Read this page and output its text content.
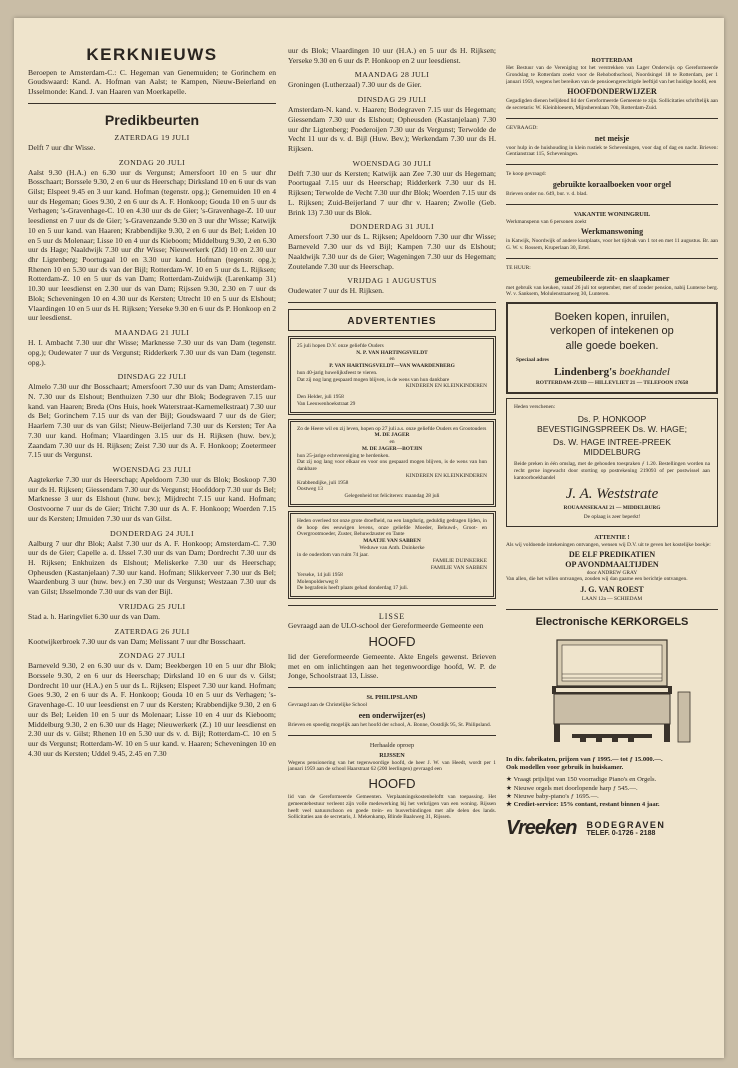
KERKNIEUWS

Beroepen te Amsterdam-C.: C. Hegeman van Genemuiden; te Gorinchem en Goudswaard: Kand. A. Hofman van Aalst; te Kampen, Nieuw-Beierland en IJsselmonde: Kand. J. van Haaren van Moerkapelle.

Predikbeurten
ZATERDAG 19 JULI

Delft 7 uur dhr Wisse.

ZONDAG 20 JULI

Aalst 9.30 (H.A.) en 6.30 uur ds Vergunst; Amersfoort 10 en 5 uur dhr Bosschaart; Borssele 9.30, 2 en 6 uur ds Heerschap; Dirksland 10 en 6 uur ds van Gilst; Elspeet 9.45 en 3 uur kand. Hofman (tegenstr. opg.); Genemuiden 10 en 4 uur ds Hegeman; Goes 9.30, 2 en 6 uur ds A. F. Honkoop; Gouda 10 en 5 uur ds Verhagen; 's-Gravenhage-C. 10 en 4.30 uur ds de Gier; 's-Gravenhage-Z. 10 uur leesdienst en 7 uur ds de Gier; 's-Gravenzande 9.30 en 3 uur dhr Wisse; Katwijk 10 en 5 uur kand. van Haaren; Krabbendijke 9.30, 2 en 6 uur ds Bel; Leiden 10 en 5 uur ds Molenaar; Lisse 10 en 4 uur ds Kieboom; Middelburg 9.30, 2 en 6.30 uur ds Hage; Naaldwijk 7.30 uur dhr Wisse; Nieuwerkerk (Zld) 10 en 2.30 uur dhr Ligtenberg; Poortugaal 10 en 3.30 uur kand. Hofman (tegenstr. opg.); Rhenen 10 en 5.30 uur ds van der Bijl; Rotterdam-W. 10 en 5 uur ds L. Rijksen; Rotterdam-Z. 10 en 5 uur ds van Dam; Rotterdam-Zuidwijk (Larenkamp 31) 10.30 uur leesdienst en 2.30 uur ds van Dam; Rijssen 9.30, 2.30 en 7 uur ds Blok; Scheveningen 10 en 4.30 uur ds Kersten; Utrecht 10 en 5 uur ds Elshout; Vlaardingen 10 en 5 uur ds H. Rijksen; Yerseke 9.30 en 6 uur ds P. Honkoop en 2 uur leesdienst.

MAANDAG 21 JULI

H. I. Ambacht 7.30 uur dhr Wisse; Marknesse 7.30 uur ds van Dam (tegenstr. opg.); Oudewater 7 uur ds Vergunst; Ridderkerk 7.30 uur ds van Dam (tegenstr. opg.).

DINSDAG 22 JULI

Almelo 7.30 uur dhr Bosschaart; Amersfoort 7.30 uur ds van Dam; Amsterdam-N. 7.30 uur ds Elshout; Benthuizen 7.30 uur dhr Blok; Bodegraven 7.15 uur kand. van Haaren; Breda (Ons Huis, hoek Waterstraat-Karnemelkstraat) 7.30 uur ds Bel; Gorinchem 7.15 uur ds van der Bijl; Goudswaard 7 uur ds de Gier; Haarlem 7.30 uur ds van Gilst; Nieuw-Beijerland 7.30 uur ds Kersten; Ter Aa 7.30 uur kand. Hofman; Vlaardingen 3.15 uur ds H. Rijksen (huw. bev.); Zaandam 7.30 uur ds H. Rijksen; Zeist 7.30 uur ds A. F. Honkoop; Zoetermeer 7.15 uur ds Vergunst.

WOENSDAG 23 JULI

Aagtekerke 7.30 uur ds Heerschap; Apeldoorn 7.30 uur ds Blok; Boskoop 7.30 uur ds H. Rijksen; Giessendam 7.30 uur ds Vergunst; Hoofddorp 7.30 uur ds Bel; Marknesse 3 uur ds Elshout (huw. bev.); Mijdrecht 7.15 uur kand. Hofman; Oostvoorne 7 uur ds de Gier; Tricht 7.30 uur ds A. F. Honkoop; Woerden 7.15 uur ds Kersten; IJmuiden 7.30 uur ds van Gilst.

DONDERDAG 24 JULI

Aalburg 7 uur dhr Blok; Aalst 7.30 uur ds A. F. Honkoop; Amsterdam-C. 7.30 uur ds de Gier; Capelle a. d. IJssel 7.30 uur ds van Dam; Dordrecht 7.30 uur ds H. Rijksen; Enkhuizen ds Elshout; Meliskerke 7.30 uur ds Heerschap; Opheusden (Kastanjelaan) 7.30 uur kand. Hofman; Slikkerveer 7.30 uur ds Bel; Waardenburg 3 uur (huw. bev.) en 7.30 uur ds Vergunst; Westzaan 7.30 uur ds van Gilst; IJsselmonde 7.30 uur ds van der Bijl.

VRIJDAG 25 JULI

Stad a. h. Haringvliet 6.30 uur ds van Dam.

ZATERDAG 26 JULI

Kootwijkerbroek 7.30 uur ds van Dam; Melissant 7 uur dhr Bosschaart.

ZONDAG 27 JULI

Barneveld 9.30, 2 en 6.30 uur ds v. Dam; Beekbergen 10 en 5 uur dhr Blok; Borssele 9.30, 2 en 6 uur ds Heerschap; Dirksland 10 en 6 uur ds v. Gilst; Dordrecht 10 uur (H.A.) en 5 uur ds L. Rijksen; Elspeet 7.30 uur kand. Hofman; Goes 9.30, 2 en 6 uur ds A. F. Honkoop; Gouda 10 en 5 uur ds Verhagen; 's-Gravenhage-C. 10 uur leesdienst en 7 uur ds Kersten; Krabbendijke 9.30, 2 en 6 uur ds Bel; Leiden 10 en 5 uur ds Molenaar; Lisse 10 en 4 uur ds Kieboom; Middelburg 9.30, 2 en 6.30 uur ds Hage; Nieuwerkerk (Z.) 10 uur leesdienst en 2.30 uur ds v. Gilst; Rhenen 10 en 5.30 uur ds v. d. Bijl; Rotterdam-C. 10 en 5 uur ds Vergunst; Rotterdam-W. 10 en 5 uur kand. v. Haaren; Scheveningen 10 en 4.30 uur ds Kersten; Uddel 9.45, 2.45 en 7.30

uur ds Blok; Vlaardingen 10 uur (H.A.) en 5 uur ds H. Rijksen; Yerseke 9.30 en 6 uur ds P. Honkoop en 2 uur leesdienst.

MAANDAG 28 JULI

Groningen (Lutherzaal) 7.30 uur ds de Gier.

DINSDAG 29 JULI

Amsterdam-N. kand. v. Haaren; Bodegraven 7.15 uur ds Hegeman; Giessendam 7.30 uur ds Elshout; Opheusden (Kastanjelaan) 7.30 uur dhr Ligtenberg; Poederoijen 7.30 uur ds Vergunst; Terwolde de Vecht 11 uur ds v. d. Bijl (Huw. Bev.); Werkendam 7.30 uur ds H. Rijksen.

WOENSDAG 30 JULI

Delft 7.30 uur ds Kersten; Katwijk aan Zee 7.30 uur ds Hegeman; Poortugaal 7.15 uur ds Heerschap; Ridderkerk 7.30 uur ds H. Rijksen; Terwolde de Vecht 7.30 uur dhr Blok; Woerden 7.15 uur ds L. Rijksen; Zuid-Beijerland 7 uur dhr v. Haaren; Zwolle (Geb. Brink 13) 7.30 uur ds Blok.

DONDERDAG 31 JULI

Amersfoort 7.30 uur ds L. Rijksen; Apeldoorn 7.30 uur dhr Wisse; Barneveld 7.30 uur ds vd Bijl; Kampen 7.30 uur ds Elshout; Naaldwijk 7.30 uur ds de Gier; Wageningen 7.30 uur ds Hegeman; Zoutelande 7.30 uur ds Heerschap.

VRIJDAG 1 AUGUSTUS

Oudewater 7 uur ds H. Rijksen.

ADVERTENTIES
25 juli hopen D.V. onze geliefde Ouders
N. P. VAN HARTINGSVELDT
en
P. VAN HARTINGSVELDT—VAN WAARDENBERG
hun 40-jarig huwelijksfeest te vieren.
Dat zij nog lang gespaard mogen blijven, is de wens van hun dankbare
KINDEREN EN KLEINKINDEREN
Den Helder, juli 1958
Van Leeuwenhoekstraat 29
Zo de Heere wil en zij leven, hopen op 27 juli a.s. onze geliefde Ouders en Grootouders
M. DE JAGER
en
M. DE JAGER—BOTJIN
hun 25-jarige echtvereniging te herdenken.
Dat zij nog lang voor elkaar en voor ons gespaard mogen blijven, is de wens van hun dankbare
KINDEREN EN KLEINKINDEREN
Krabbendijke, juli 1958
Oostweg 13
Gelegenheid tot feliciteren: maandag 28 juli
Heden overleed tot onze grote droefheid, na een langdurig, geduldig gedragen lijden, in de hoop des eeuwigen levens, onze geliefde Moeder, Behuwd-, Groot- en Overgrootmoeder, Zuster, Behuwdzuster en Tante
MAATJE VAN SABBEN
Weduwe van Anth. Duinkerke
in de ouderdom van ruim 74 jaar.
FAMILIE DUINKERKE
FAMILIE VAN SABBEN
Yerseke, 14 juli 1958
Molenpolderweg 8
De begrafenis heeft plaats gehad donderdag 17 juli.
LISSE

Gevraagd aan de ULO-school der Gereformeerde Gemeente een

HOOFD

lid der Gereformeerde Gemeente. Akte Engels gewenst. Brieven met en om inlichtingen aan het tegenwoordige hoofd, W. P. de Jonge, Schoolstraat 13, Lisse.

St. PHILIPSLAND
Gevraagd aan de Christelijke School
een onderwijzer(es)
Brieven en spoedig mogelijk aan het hoofd der school, A. Bonne, Oostdijk 95, St. Philipsland.
Herhaalde oproep
RIJSSEN
Wegens pensionering van het tegenwoordige hoofd, de heer J. W. van Heedt, wordt per 1 januari 1959 aan de school Haarstraat 62 (200 leerlingen) gevraagd een
HOOFD
lid van de Gereformeerde Gemeenten. Verplaatsingskostenbeloftt van toepassing. Het gemeentebestuur verleent zijn volle medewerking bij het verkrijgen van een woning. Rijssen heeft veel natuurschoon en goede trein- en busverbindingen met alle delen des lands. Sollicitaties aan de secretaris, J. Mekenkamp, Blinde Baalsweg 31, Rijssen.
ROTTERDAM
Het Bestuur van de Vereniging tot het verstrekken van Lager Onderwijs op Gereformeerde Grondslag te Rotterdam zoekt voor de Rehobothschool, Noordsingel 18 te Rotterdam, per 1 januari 1959, wegens het bereiken van de pensioengerechtigde leeftijd van het huidige hoofd, een
HOOFDONDERWIJZER
Gegadigden dienen belijdend lid der Gereformeerde Gemeente te zijn. Sollicitaties schriftelijk aan de secretaris: W. Kleinbloesem, Mijnsherenlaan 70b, Rotterdam-Zuid.
GEVRAAGD:
net meisje
voor hulp in de huishouding in klein rustiek te Scheveningen, voor dag of dag en nacht. Brieven: Gentianstraat 115, Scheveningen.
Te koop gevraagd:
gebruikte koraalboeken voor orgel
Brieven onder no. 649, bur. v. d. blad.
VAKANTIE WONINGRUIL
Werkmanspenn van 6 personen zoekt
Werkmanswoning
in Katwijk, Noordwijk of andere kustplaats, voor het tijdvak van 1 tot en met 11 augustus. Br. aan G. W. v. Rossem, Kruperlaan 30, Ertel.
TE HUUR:
gemeubileerde zit- en slaapkamer
met gebruik van keuken, vanaf 26 juli tot september, met of zonder pension, nabij Lunterse berg. W. v. Sanksem, Molulenstraatweg 30, Lunteren.
Boeken kopen, inruilen,
verkopen of intekenen op
alle goede boeken.
Speciaal adres
Lindenberg's boekhandel
ROTTERDAM-ZUID — HILLEVLIET 21 — TELEFOON 17658
Heden verschenen:
Ds. P. HONKOOP
BEVESTIGINGSPREEK Ds. W. HAGE;
Ds. W. HAGE INTREE-PREEK
MIDDELBURG
Beide preken in één omslag, met de gehouden toespraken ƒ 1.20. Bestellingen worden na recht gerne ingewacht door storting op postrekening 219093 of per postwissel aan kantoorboekhandel
J. A. Weststrate
ROUAANSEKAAI 21 — MIDDELBURG
De oplaag is zeer beperkt!
ATTENTIE !
Als wij voldoende intekeningen ontvangen, wensen wij D.V. uit te geven het kostelijke boekje:
DE ELF PREDIKATIEN
OP AVONDMAALTIJDEN
door ANDREW GRAY
Van allen, die het willen ontvangen, zouden wij dan gaarne een berichtje ontvangen.
J. G. VAN ROEST
LAAN 12a — SCHIEDAM
Electronische KERKORGELS
In div. fabrikaten, prijzen van ƒ 1995.— tot ƒ 15.000.—.
Ook modellen voor gebruik in huiskamer.
★ Vraagt prijslijst van 150 voorradige Piano's en Orgels.
★ Nieuwe orgels met doorlopende harp ƒ 545.—.
★ Nieuwe baby-piano's ƒ 1695.—.
★ Crediet-service: 15% contant, restant binnen 4 jaar.
Vreeken BODEGRAVEN
TELEF. 0-1726 - 2188
